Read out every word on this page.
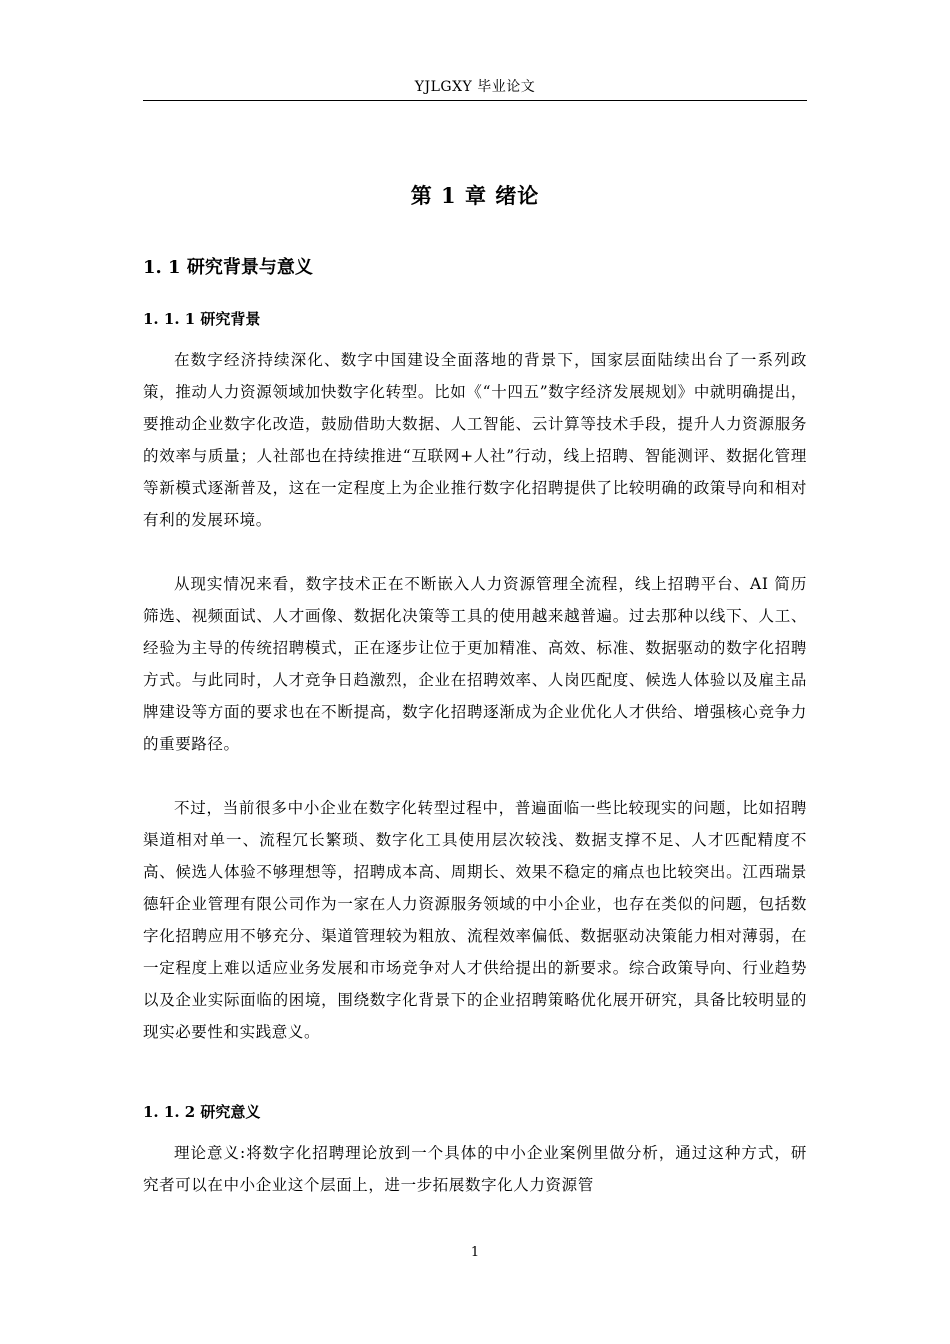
YJLGXY 毕业论文
第 1 章 绪论
1. 1 研究背景与意义
1. 1. 1 研究背景

在数字经济持续深化、数字中国建设全面落地的背景下，国家层面陆续出台了一系列政策，推动人力资源领域加快数字化转型。比如《“十四五”数字经济发展规划》中就明确提出，要推动企业数字化改造，鼓励借助大数据、人工智能、云计算等技术手段，提升人力资源服务的效率与质量；人社部也在持续推进“互联网+人社”行动，线上招聘、智能测评、数据化管理等新模式逐渐普及，这在一定程度上为企业推行数字化招聘提供了比较明确的政策导向和相对有利的发展环境。

从现实情况来看，数字技术正在不断嵌入人力资源管理全流程，线上招聘平台、AI 简历筛选、视频面试、人才画像、数据化决策等工具的使用越来越普遍。过去那种以线下、人工、经验为主导的传统招聘模式，正在逐步让位于更加精准、高效、标准、数据驱动的数字化招聘方式。与此同时，人才竞争日趋激烈，企业在招聘效率、人岗匹配度、候选人体验以及雇主品牌建设等方面的要求也在不断提高，数字化招聘逐渐成为企业优化人才供给、增强核心竞争力的重要路径。

不过，当前很多中小企业在数字化转型过程中，普遍面临一些比较现实的问题，比如招聘渠道相对单一、流程冗长繁琐、数字化工具使用层次较浅、数据支撑不足、人才匹配精度不高、候选人体验不够理想等，招聘成本高、周期长、效果不稳定的痛点也比较突出。江西瑞景德轩企业管理有限公司作为一家在人力资源服务领域的中小企业，也存在类似的问题，包括数字化招聘应用不够充分、渠道管理较为粗放、流程效率偏低、数据驱动决策能力相对薄弱，在一定程度上难以适应业务发展和市场竞争对人才供给提出的新要求。综合政策导向、行业趋势以及企业实际面临的困境，围绕数字化背景下的企业招聘策略优化展开研究，具备比较明显的现实必要性和实践意义。

1. 1. 2 研究意义

理论意义:将数字化招聘理论放到一个具体的中小企业案例里做分析，通过这种方式，研究者可以在中小企业这个层面上，进一步拓展数字化人力资源管

1
